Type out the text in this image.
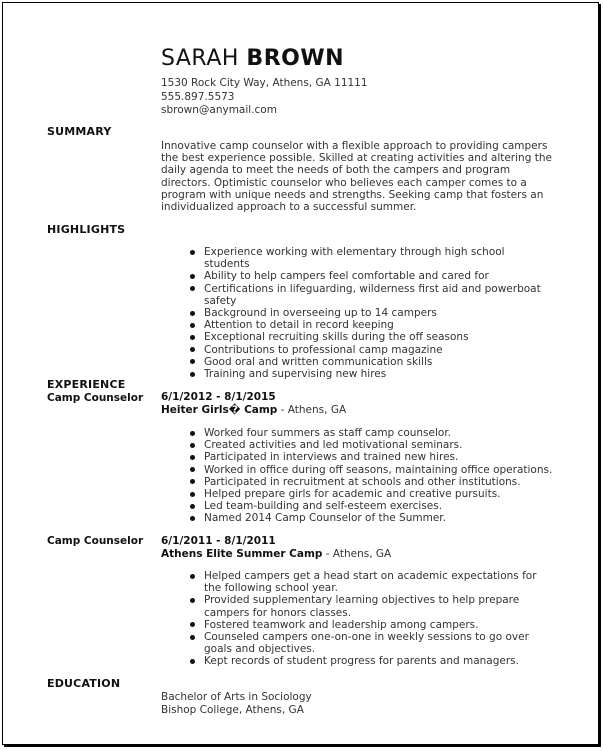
SARAH BROWN
1530 Rock City Way, Athens, GA 11111
555.897.5573
sbrown@anymail.com
SUMMARY
Innovative camp counselor with a flexible approach to providing campers the best experience possible. Skilled at creating activities and altering the daily agenda to meet the needs of both the campers and program directors. Optimistic counselor who believes each camper comes to a program with unique needs and strengths. Seeking camp that fosters an individualized approach to a successful summer.
HIGHLIGHTS
Experience working with elementary through high school students
Ability to help campers feel comfortable and cared for
Certifications in lifeguarding, wilderness first aid and powerboat safety
Background in overseeing up to 14 campers
Attention to detail in record keeping
Exceptional recruiting skills during the off seasons
Contributions to professional camp magazine
Good oral and written communication skills
Training and supervising new hires
EXPERIENCE
Camp Counselor 6/1/2012 - 8/1/2015
Heiter Girls� Camp - Athens, GA
Worked four summers as staff camp counselor.
Created activities and led motivational seminars.
Participated in interviews and trained new hires.
Worked in office during off seasons, maintaining office operations.
Participated in recruitment at schools and other institutions.
Helped prepare girls for academic and creative pursuits.
Led team-building and self-esteem exercises.
Named 2014 Camp Counselor of the Summer.
Camp Counselor 6/1/2011 - 8/1/2011
Athens Elite Summer Camp - Athens, GA
Helped campers get a head start on academic expectations for the following school year.
Provided supplementary learning objectives to help prepare campers for honors classes.
Fostered teamwork and leadership among campers.
Counseled campers one-on-one in weekly sessions to go over goals and objectives.
Kept records of student progress for parents and managers.
EDUCATION
Bachelor of Arts in Sociology
Bishop College, Athens, GA
